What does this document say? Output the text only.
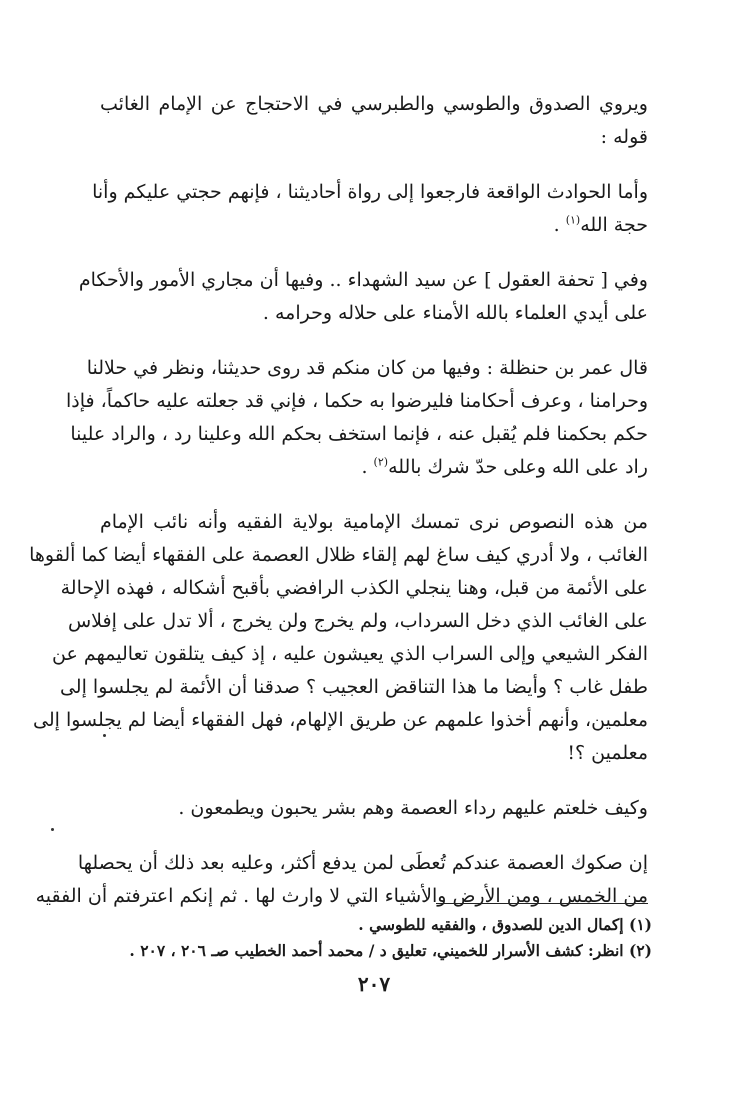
ويروي الصدوق والطوسي والطبرسي في الاحتجاج عن الإمام الغائب
قوله :

وأما الحوادث الواقعة فارجعوا إلى رواة أحاديثنا ، فإنهم حجتي عليكم وأنا
حجة الله$^{(١)}$ .

وفي [ تحفة العقول ] عن سيد الشهداء .. وفيها أن مجاري الأمور والأحكام
على أيدي العلماء بالله الأمناء على حلاله وحرامه .

قال عمر بن حنظلة : وفيها من كان منكم قد روى حديثنا، ونظر في حلالنا
وحرامنا ، وعرف أحكامنا فليرضوا به حكما ، فإني قد جعلته عليه حاكماً، فإذا
حكم بحكمنا فلم يُقبل عنه ، فإنما استخف بحكم الله وعلينا رد ، والراد علينا
راد على الله وعلى حدّ شرك بالله$^{(٢)}$ .

من هذه النصوص نرى تمسك الإمامية بولاية الفقيه وأنه نائب الإمام
الغائب ، ولا أدري كيف ساغ لهم إلقاء ظلال العصمة على الفقهاء أيضا كما ألقوها
على الأئمة من قبل، وهنا ينجلي الكذب الرافضي بأقبح أشكاله ، فهذه الإحالة
على الغائب الذي دخل السرداب، ولم يخرج ولن يخرج ، ألا تدل على إفلاس
الفكر الشيعي وإلى السراب الذي يعيشون عليه ، إذ كيف يتلقون تعاليمهم عن
طفل غاب ؟ وأيضا ما هذا التناقض العجيب ؟ صدقنا أن الأئمة لم يجلسوا إلى
معلمين، وأنهم أخذوا علمهم عن طريق الإلهام، فهل الفقهاء أيضا لم يجلسوا إلى
معلمين ؟!

وكيف خلعتم عليهم رداء العصمة وهم بشر يحبون ويطمعون .

إن صكوك العصمة عندكم تُعطَى لمن يدفع أكثر، وعليه بعد ذلك أن يحصلها
من الخمس ، ومن الأرض والأشياء التي لا وارث لها . ثم إنكم اعترفتم أن الفقيه

(١) إكمال الدين للصدوق ، والفقيه للطوسي .
(٢) انظر: كشف الأسرار للخميني، تعليق د / محمد أحمد الخطيب صـ ٢٠٦ ، ٢٠٧ .
٢٠٧
